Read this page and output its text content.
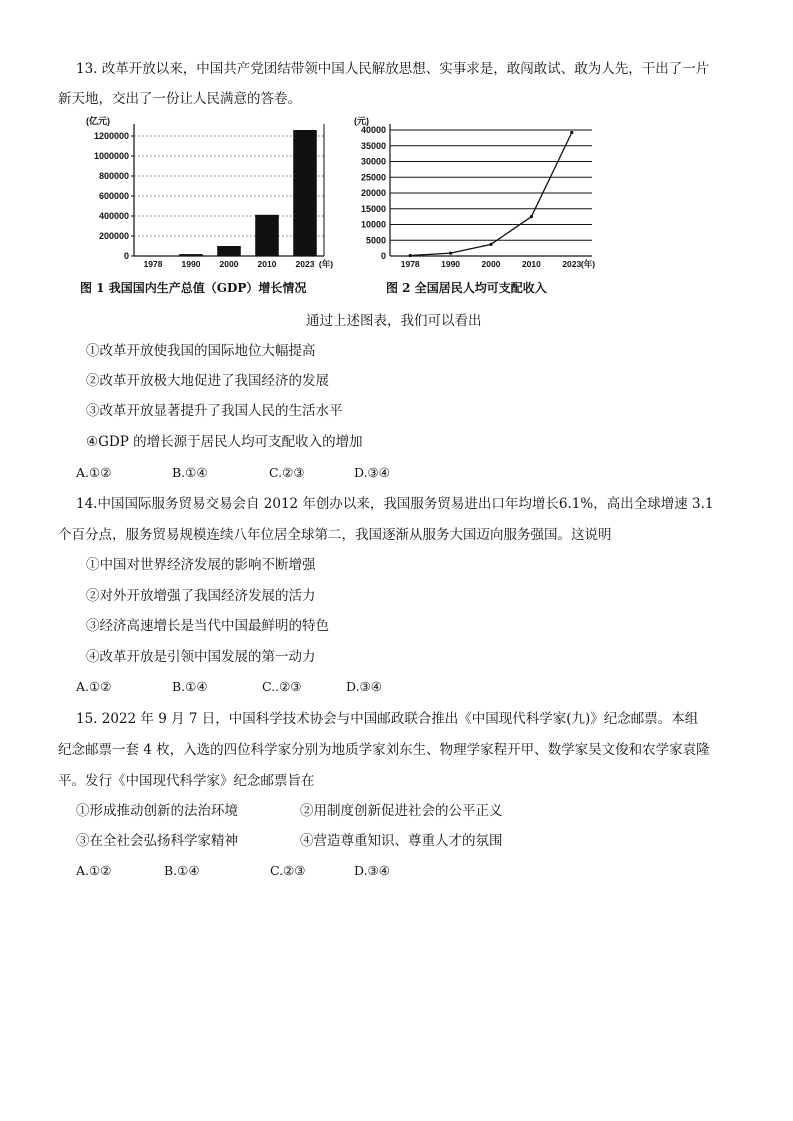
13. 改革开放以来，中国共产党团结带领中国人民解放思想、实事求是，敢闯敢试、敢为人先，干出了一片
新天地，交出了一份让人民满意的答卷。
(亿元)
0
200000
400000
600000
800000
1000000
1200000
1978 1990 2000 2010 2023 (年)
(元)
0
5000
10000
15000
20000
25000
30000
35000
40000
1978	1990	2000	2010	2023 (年)
图 1 我国国内生产总值（GDP）增长情况	图 2 全国居民人均可支配收入
通过上述图表，我们可以看出
①改革开放使我国的国际地位大幅提高
②改革开放极大地促进了我国经济的发展
③改革开放显著提升了我国人民的生活水平
④GDP 的增长源于居民人均可支配收入的增加
A.①②	B.①④	C.②③	D.③④
14.中国国际服务贸易交易会自 2012 年创办以来，我国服务贸易进出口年均增长6.1%，高出全球增速 3.1
个百分点，服务贸易规模连续八年位居全球第二，我国逐渐从服务大国迈向服务强国。这说明
①中国对世界经济发展的影响不断增强
②对外开放增强了我国经济发展的活力
③经济高速增长是当代中国最鲜明的特色
④改革开放是引领中国发展的第一动力
A.①②	B.①④	C..②③	D.③④
15. 2022 年 9 月 7 日，中国科学技术协会与中国邮政联合推出《中国现代科学家(九)》纪念邮票。本组
纪念邮票一套 4 枚，入选的四位科学家分别为地质学家刘东生、物理学家程开甲、数学家吴文俊和农学家袁隆
平。发行《中国现代科学家》纪念邮票旨在
①形成推动创新的法治环境	②用制度创新促进社会的公平正义
③在全社会弘扬科学家精神	④营造尊重知识、尊重人才的氛围
A.①②	B.①④	C.②③	D.③④
